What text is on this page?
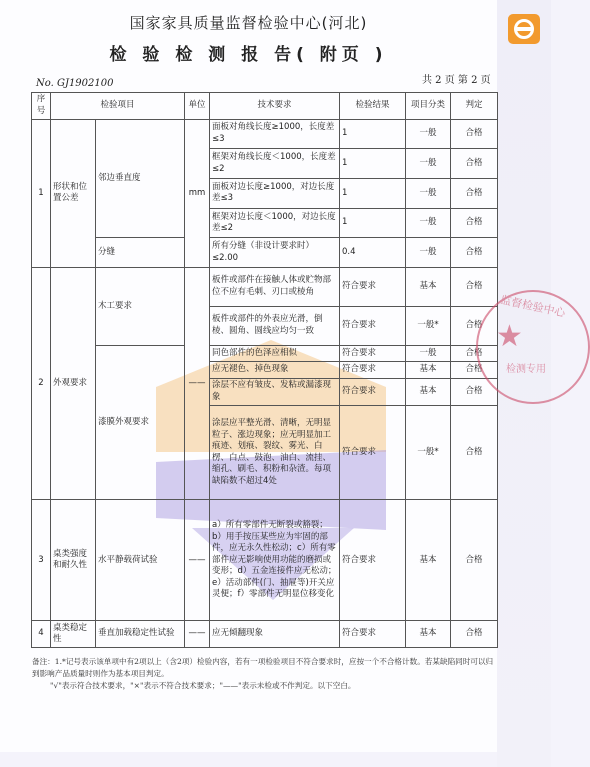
国家家具质量监督检验中心(河北)
检 验 检 测 报 告( 附页 )
No. GJ1902100	共 2 页 第 2 页
序号	检验项目		单位	技术要求	检验结果	项目分类	判定
1	形状和位置公差	邻边垂直度	mm	面板对角线长度≥1000，长度差≤3	1	一般	合格
				框架对角线长度＜1000，长度差≤2	1	一般	合格
				面板对边长度≥1000，对边长度差≤3	1	一般	合格
				框架对边长度＜1000，对边长度差≤2	1	一般	合格
		分缝		所有分缝（非设计要求时）≤2.00	0.4	一般	合格
2	外观要求	木工要求	——	板件或部件在接触人体或贮物部位不应有毛刺、刃口或棱角	符合要求	基本	合格
				板件或部件的外表应光滑，倒棱、圆角、圆线应均匀一致	符合要求	一般*	合格
		漆膜外观要求		同色部件的色泽应相似	符合要求	一般	合格
				应无褪色、掉色现象	符合要求	基本	合格
				涂层不应有皱皮、发粘或漏漆现象	符合要求	基本	合格
				涂层应平整光滑、清晰，无明显粒子、涨边现象；应无明显加工痕迹、划痕、裂纹、雾光、白楞、白点、鼓泡、油白、流挂、缩孔、刷毛、积粉和杂渣。每项缺陷数不超过4处	符合要求	一般*	合格
3	桌类强度和耐久性	水平静载荷试验	——	a）所有零部件无断裂或豁裂；b）用手按压某些应为牢固的部件，应无永久性松动；c）所有零部件应无影响使用功能的磨损或变形；d）五金连接件应无松动；e）活动部件(门、抽屉等)开关应灵便；f）零部件无明显位移变化	符合要求	基本	合格
4	桌类稳定性	垂直加载稳定性试验	——	应无倾翻现象	符合要求	基本	合格

备注：1.*记号表示该单项中有2项以上（含2项）检验内容，若有一项检验项目不符合要求时，应按一个不合格计数。若某缺陷同时可以归到影响产品质量时则作为基本项目判定。

"√"表示符合技术要求，"×"表示不符合技术要求；"——"表示未检或不作判定。以下空白。

监督检验中心
★
检测专用
